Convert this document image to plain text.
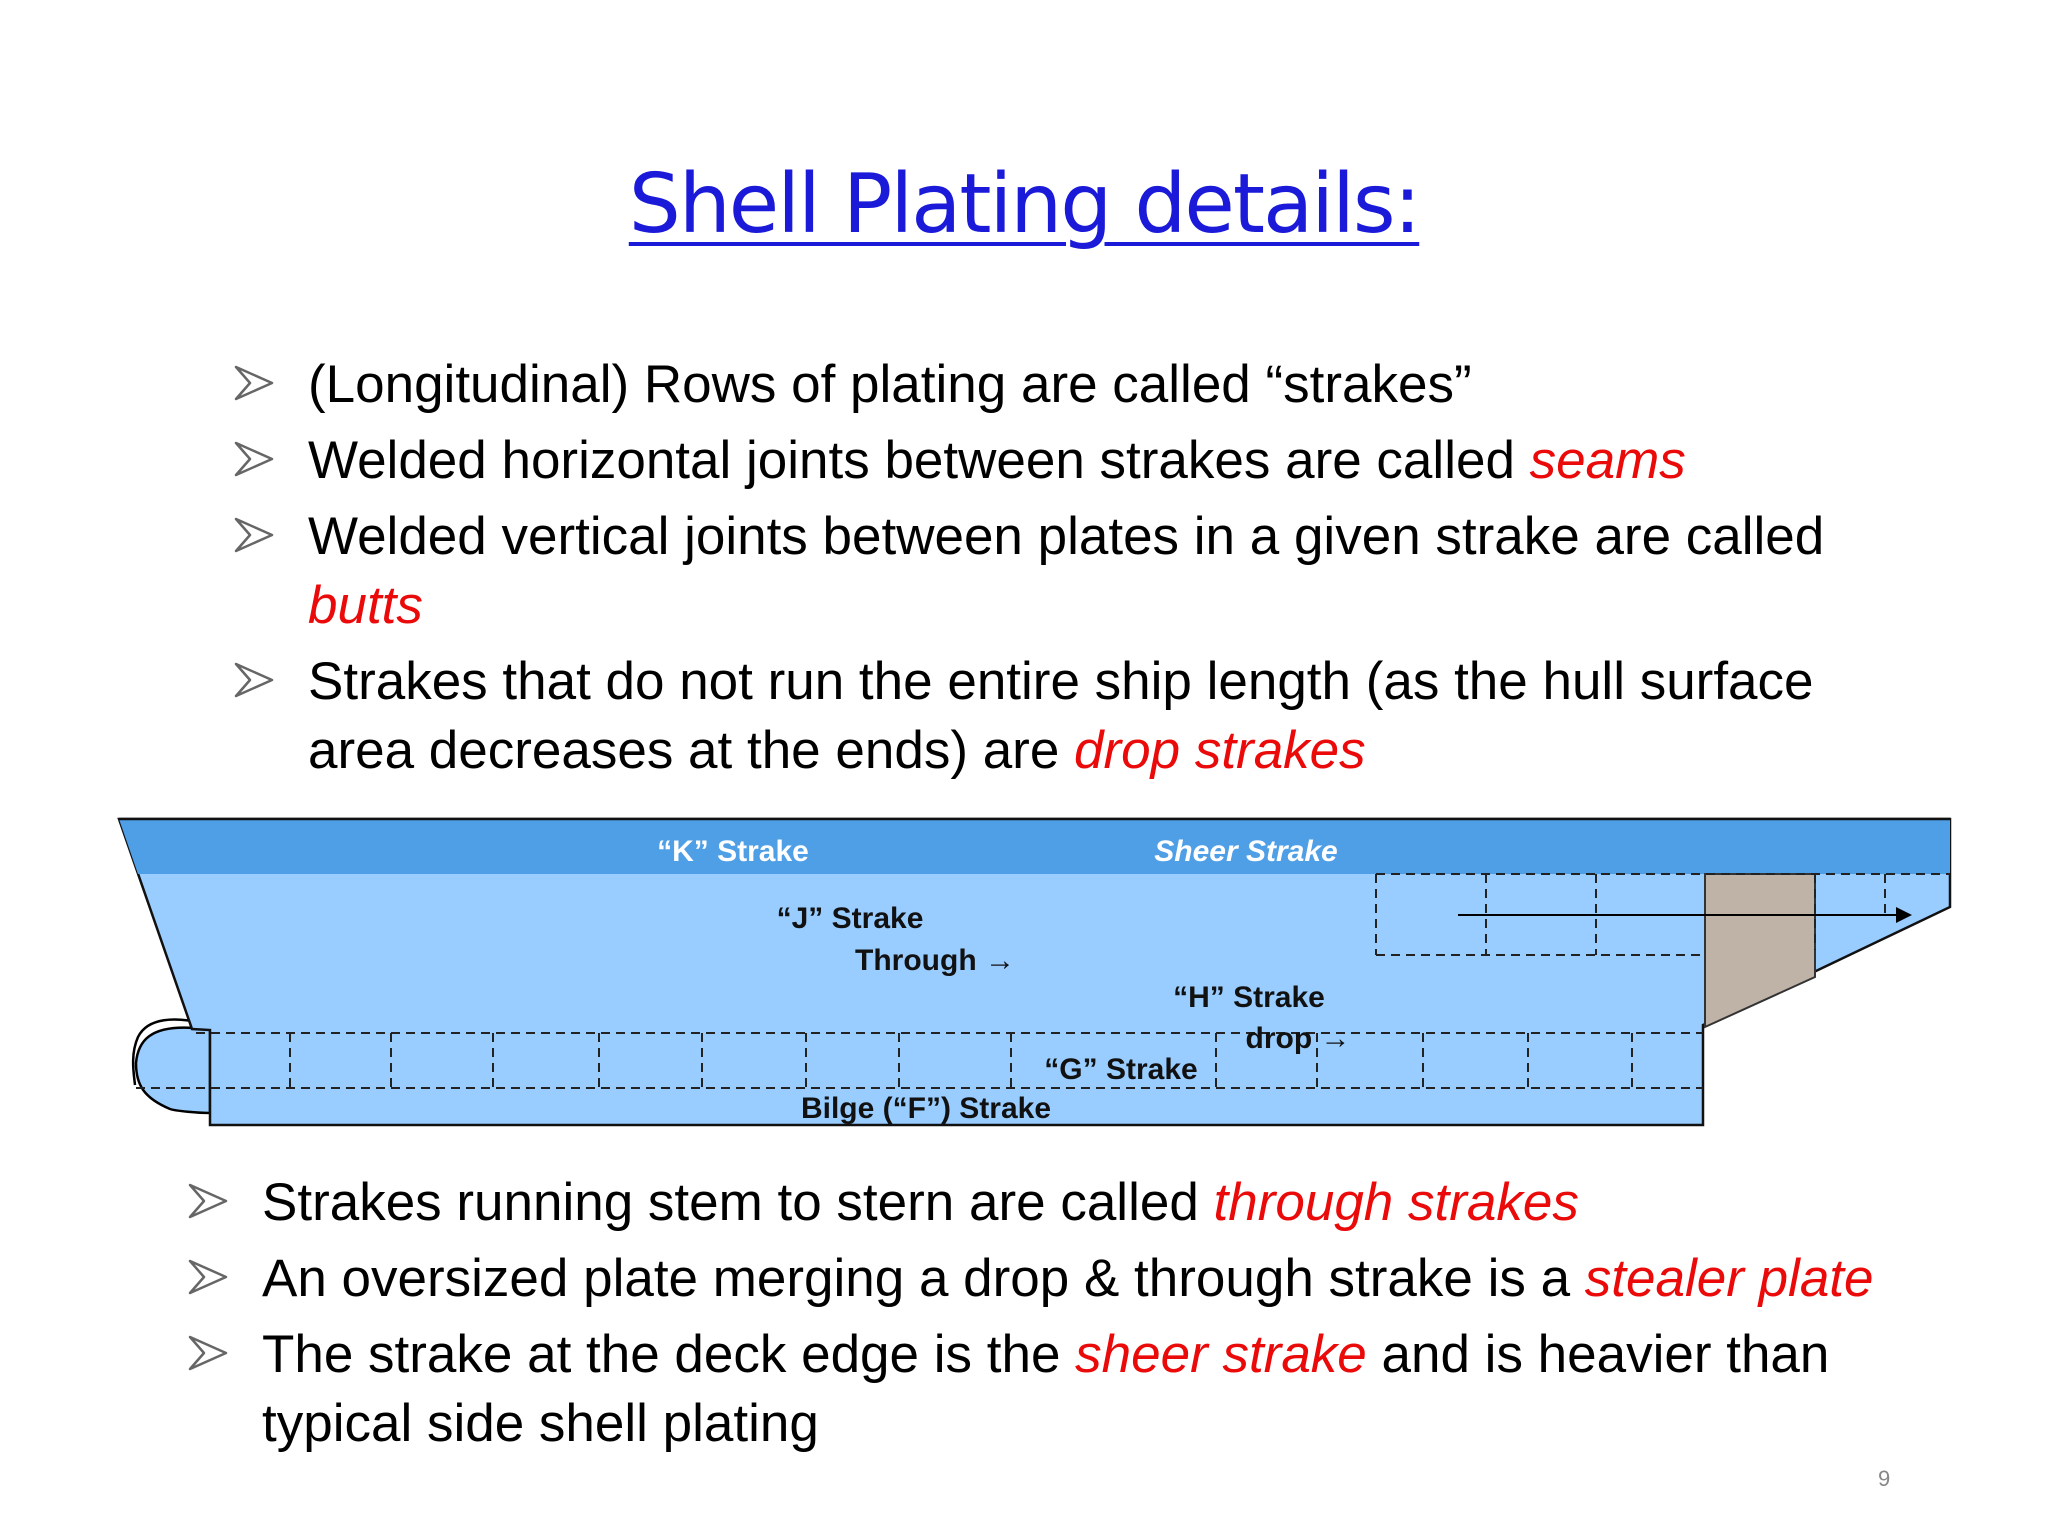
Shell Plating details:
(Longitudinal) Rows of plating are called “strakes”
Welded horizontal joints between strakes are called seams
Welded vertical joints between plates in a given strake are called butts
Strakes that do not run the entire ship length (as the hull surface area decreases at the ends) are drop strakes
“K” Strake	Sheer Strake
“J” Strake
Through →
“H” Strake
drop →
“G” Strake
Bilge (“F”) Strake
Strakes running stem to stern are called through strakes
An oversized plate merging a drop & through strake is a stealer plate
The strake at the deck edge is the sheer strake and is heavier than typical side shell plating
9
